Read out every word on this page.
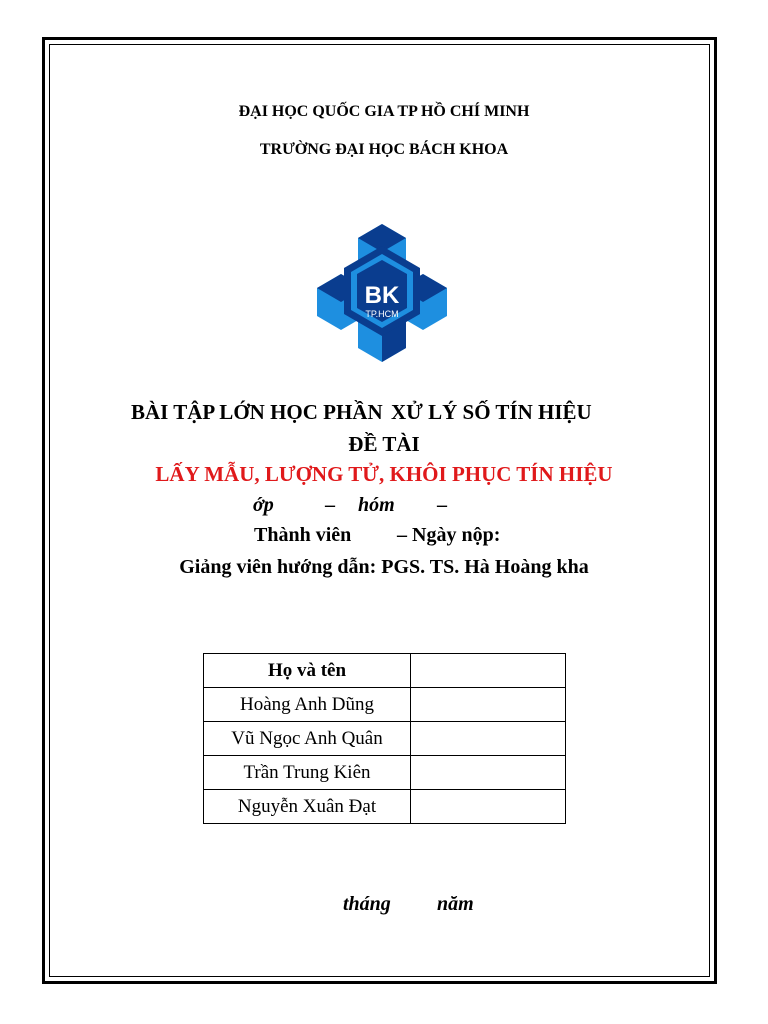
ĐẠI HỌC QUỐC GIA TP HỒ CHÍ MINH
TRƯỜNG ĐẠI HỌC BÁCH KHOA
BK
TP.HCM
BÀI TẬP LỚN HỌC PHẦN XỬ LÝ SỐ TÍN HIỆU
ĐỀ TÀI
LẤY MẪU, LƯỢNG TỬ, KHÔI PHỤC TÍN HIỆU
ớp	– hóm –
Thành viên – Ngày nộp:
Giảng viên hướng dẫn: PGS. TS. Hà Hoàng kha
Họ và tên	
Hoàng Anh Dũng	
Vũ Ngọc Anh Quân	
Trần Trung Kiên	
Nguyễn Xuân Đạt	
tháng năm
